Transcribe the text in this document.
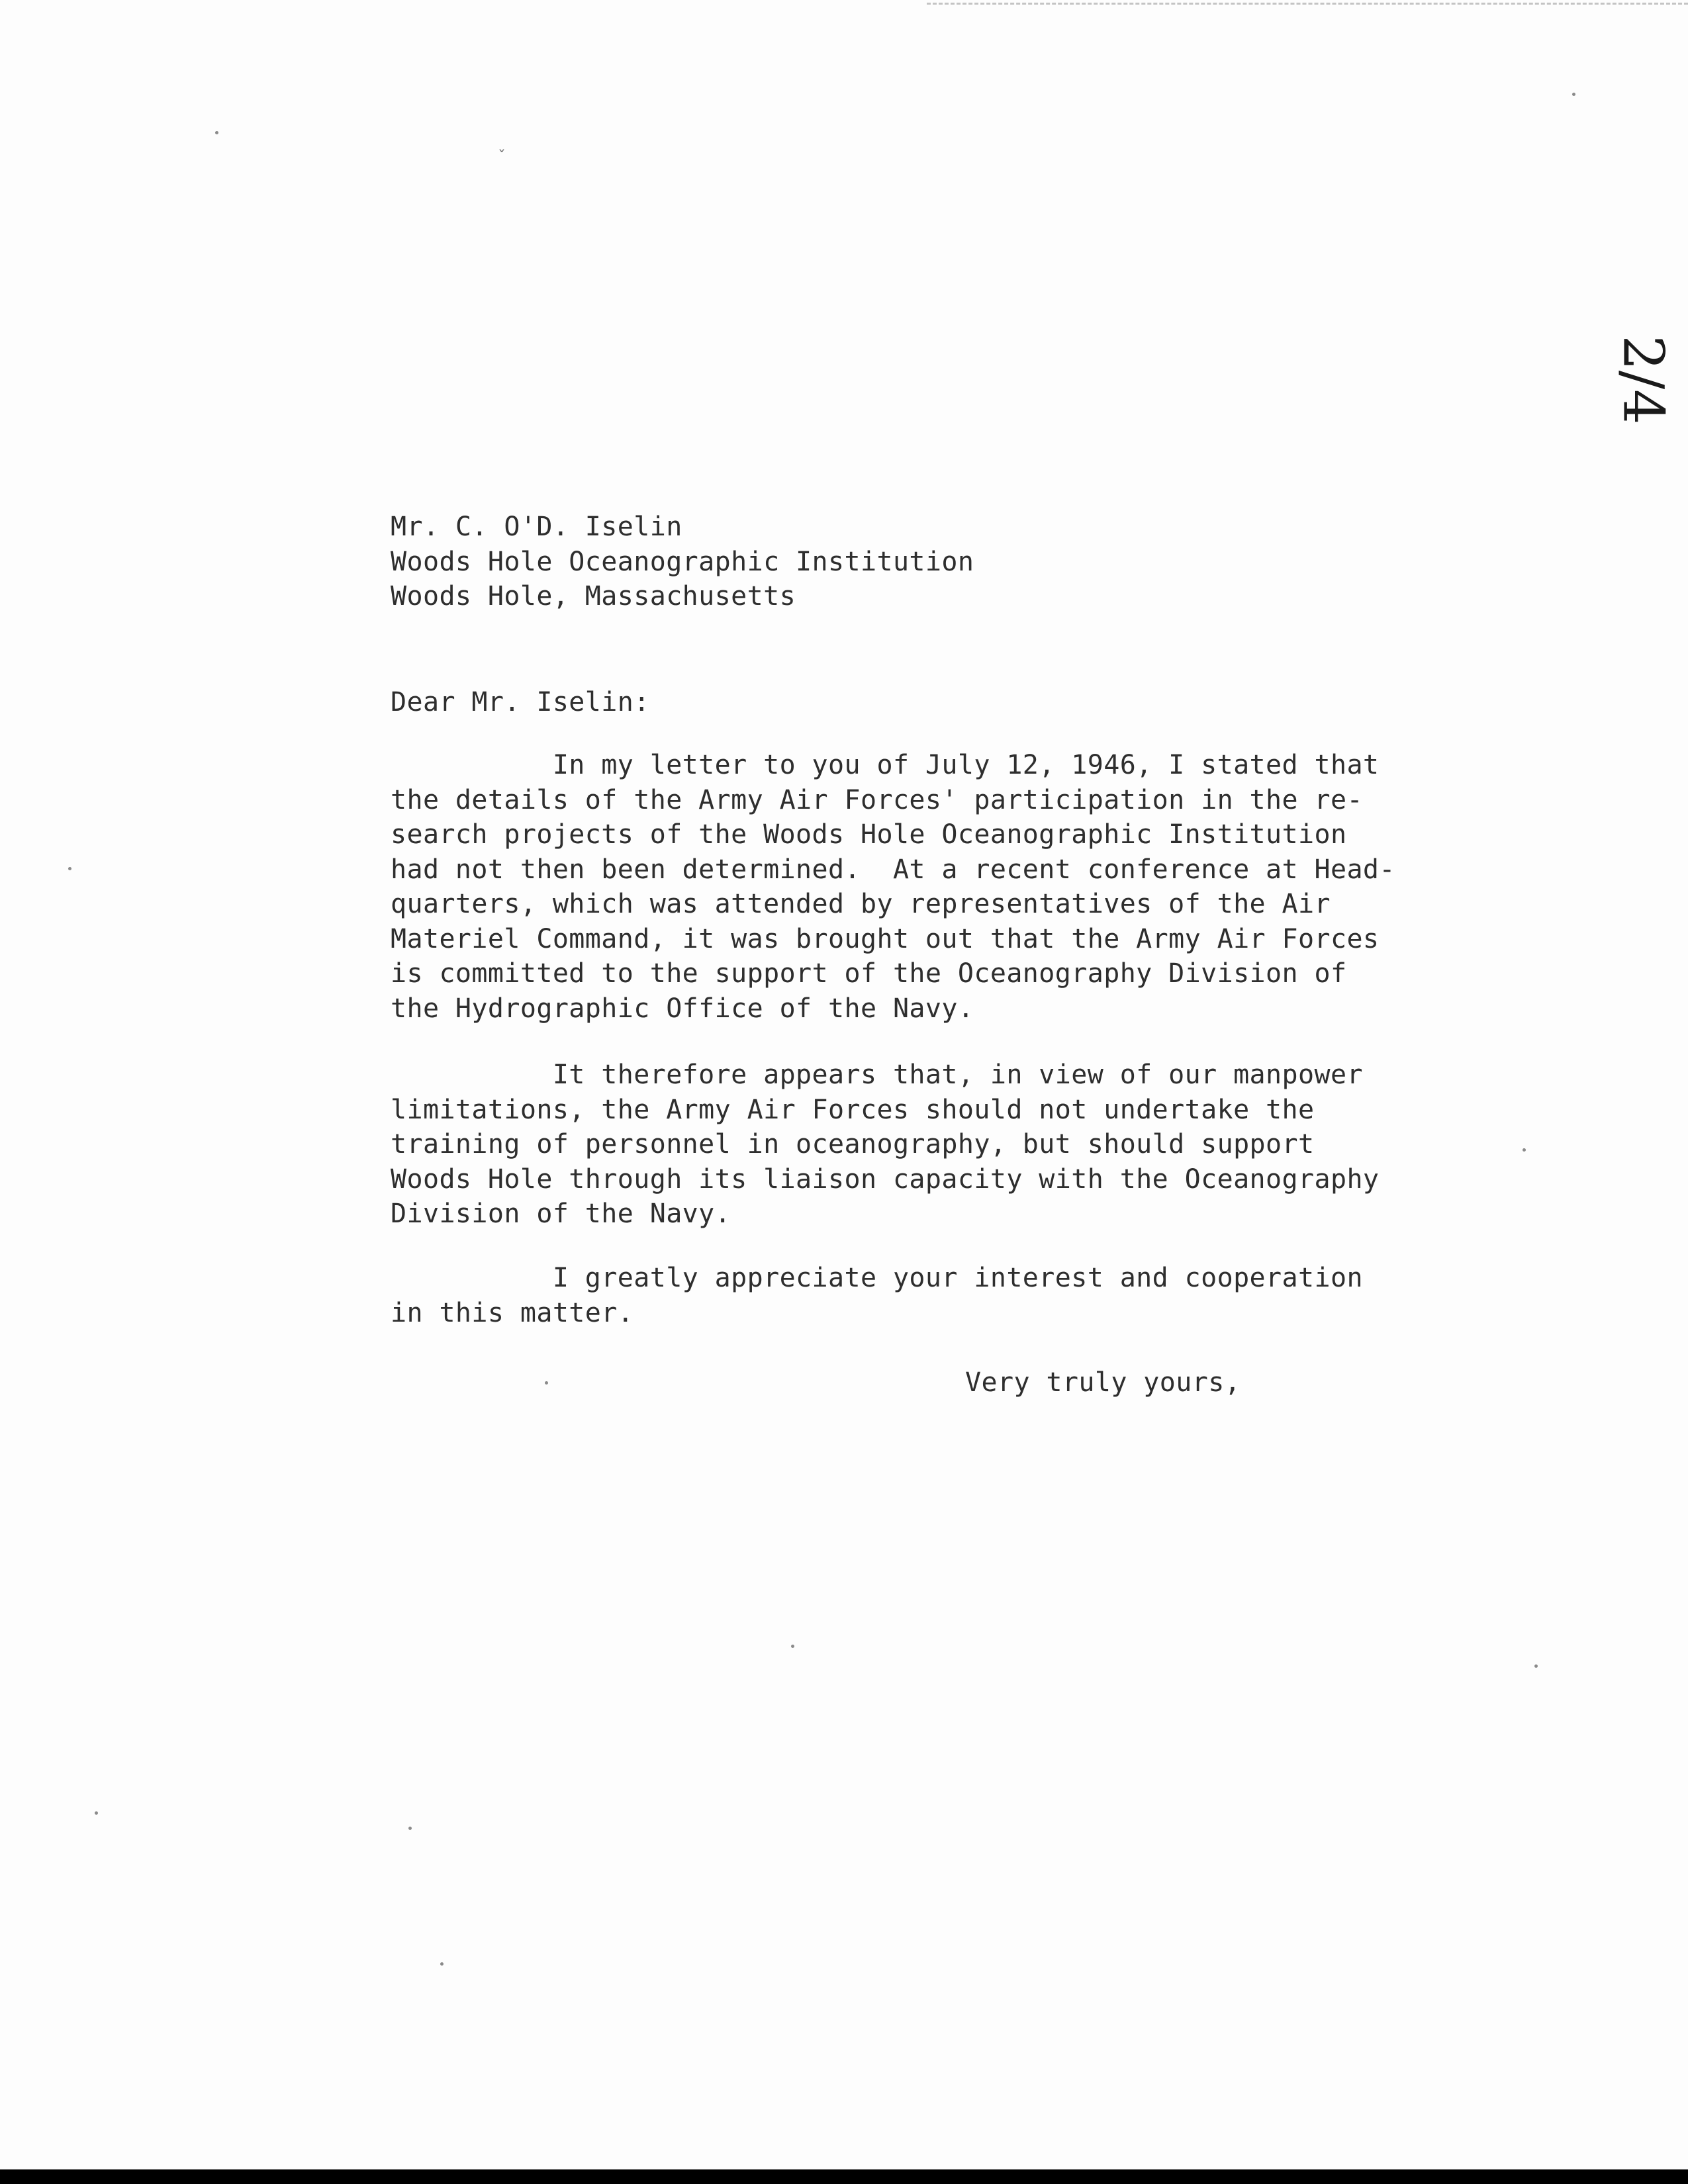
ˇ
2/4
Mr. C. O'D. Iselin
Woods Hole Oceanographic Institution
Woods Hole, Massachusetts
Dear Mr. Iselin:
In my letter to you of July 12, 1946, I stated that
the details of the Army Air Forces' participation in the re-
search projects of the Woods Hole Oceanographic Institution
had not then been determined.  At a recent conference at Head-
quarters, which was attended by representatives of the Air
Materiel Command, it was brought out that the Army Air Forces
is committed to the support of the Oceanography Division of
the Hydrographic Office of the Navy.
It therefore appears that, in view of our manpower
limitations, the Army Air Forces should not undertake the
training of personnel in oceanography, but should support
Woods Hole through its liaison capacity with the Oceanography
Division of the Navy.
I greatly appreciate your interest and cooperation
in this matter.
Very truly yours,
